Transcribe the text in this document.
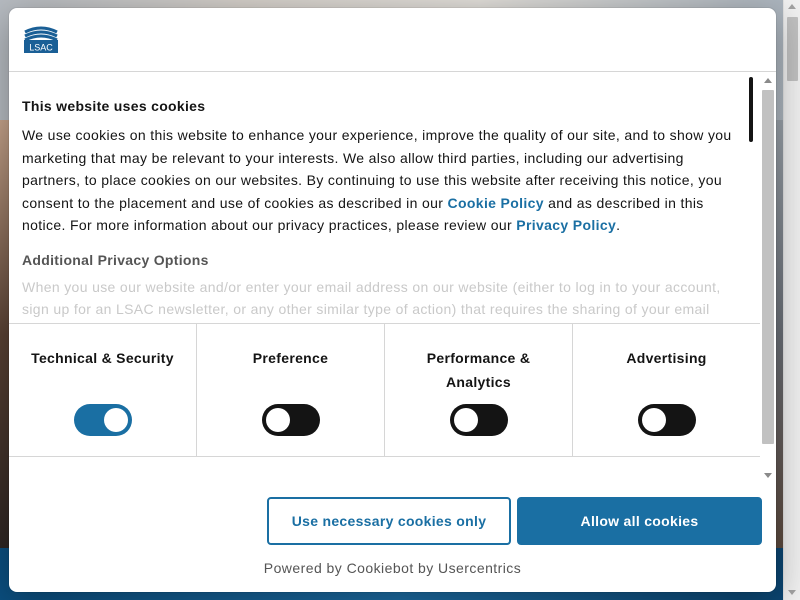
LSAC
This website uses cookies
We use cookies on this website to enhance your experience, improve the quality of our site, and to show you marketing that may be relevant to your interests. We also allow third parties, including our advertising partners, to place cookies on our websites. By continuing to use this website after receiving this notice, you consent to the placement and use of cookies as described in our Cookie Policy and as described in this notice. For more information about our privacy practices, please review our Privacy Policy.
Additional Privacy Options
When you use our website and/or enter your email address on our website (either to log in to your account, sign up for an LSAC newsletter, or any other similar type of action) that requires the sharing of your email
Technical & Security	Preference	Performance & Analytics
Advertising
Use necessary cookies only	Allow all cookies
Powered by Cookiebot by Usercentrics
